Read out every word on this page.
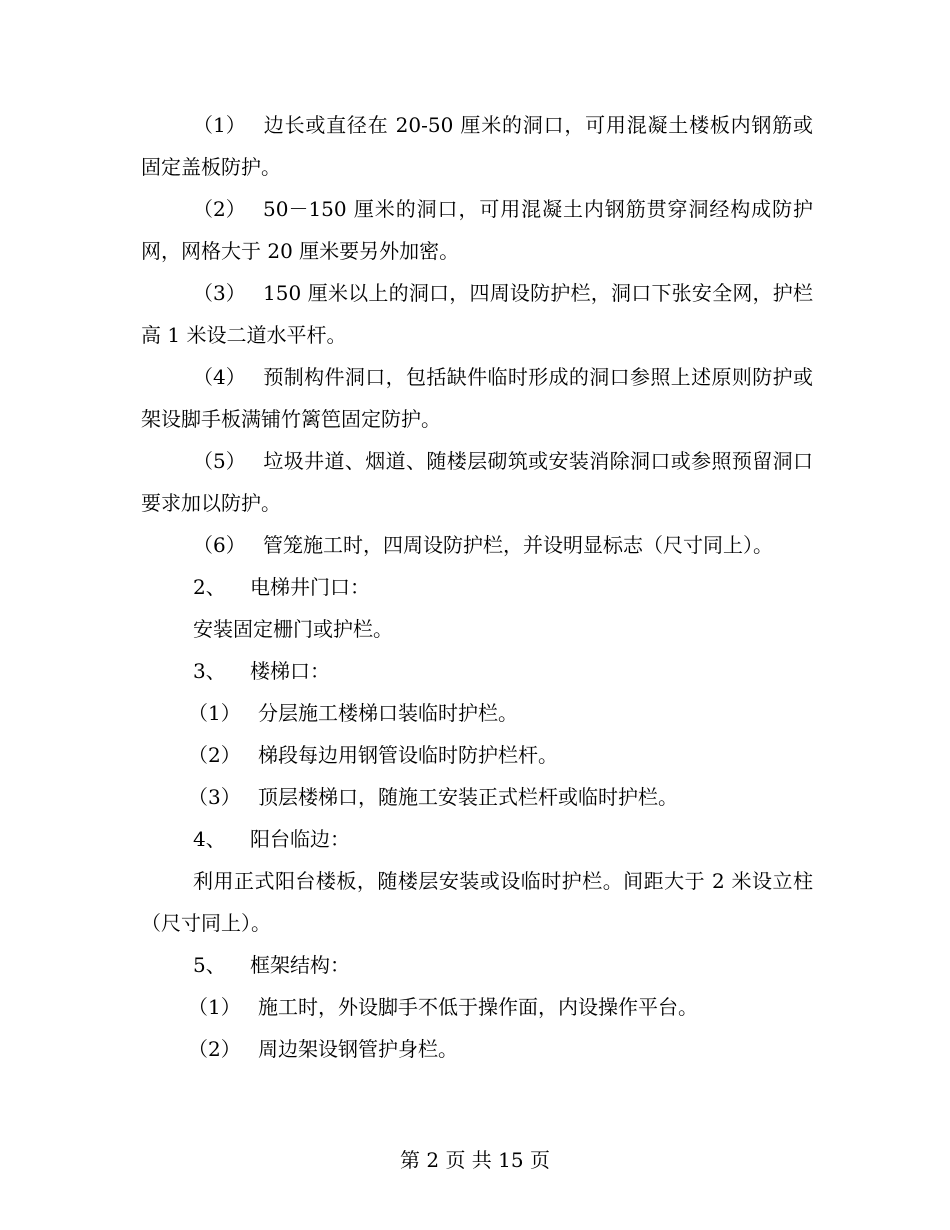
（1） 边长或直径在 20-50 厘米的洞口，可用混凝土楼板内钢筋或固定盖板防护。

（2） 50－150 厘米的洞口，可用混凝土内钢筋贯穿洞经构成防护网，网格大于 20 厘米要另外加密。

（3） 150 厘米以上的洞口，四周设防护栏，洞口下张安全网，护栏高 1 米设二道水平杆。

（4） 预制构件洞口，包括缺件临时形成的洞口参照上述原则防护或架设脚手板满铺竹篱笆固定防护。

（5） 垃圾井道、烟道、随楼层砌筑或安装消除洞口或参照预留洞口要求加以防护。

（6） 管笼施工时，四周设防护栏，并设明显标志（尺寸同上）。

2、 电梯井门口：

安装固定栅门或护栏。

3、 楼梯口：

（1） 分层施工楼梯口装临时护栏。

（2） 梯段每边用钢管设临时防护栏杆。

（3） 顶层楼梯口，随施工安装正式栏杆或临时护栏。

4、 阳台临边：

利用正式阳台楼板，随楼层安装或设临时护栏。间距大于 2 米设立柱（尺寸同上）。

5、 框架结构：

（1） 施工时，外设脚手不低于操作面，内设操作平台。

（2） 周边架设钢管护身栏。

第 2 页 共 15 页
